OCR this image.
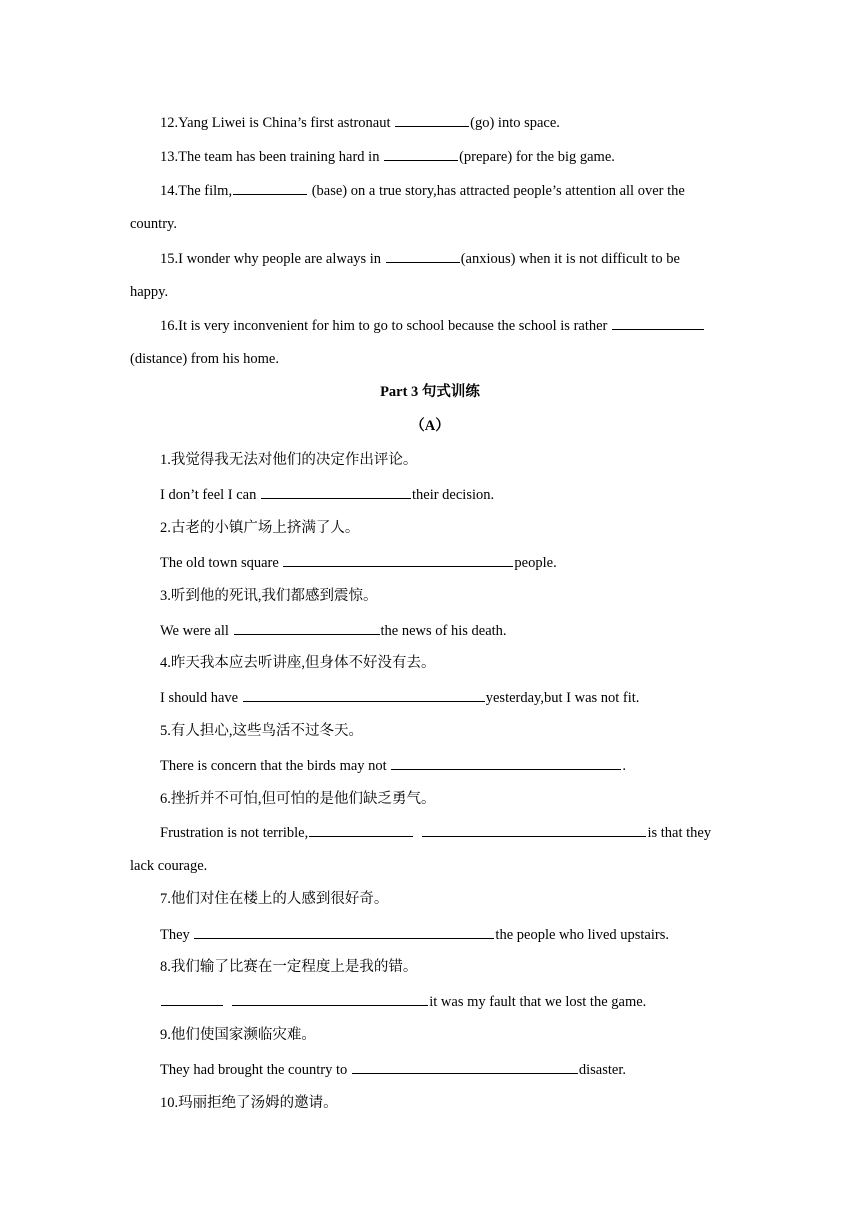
12.Yang Liwei is China’s first astronaut	(go) into space.
13.The team has been training hard in	(prepare) for the big game.
14.The film,	(base) on a true story,has attracted people’s attention all over the
country.
15.I wonder why people are always in	(anxious) when it is not difficult to be
happy.
16.It is very inconvenient for him to go to school because the school is rather
(distance) from his home.
Part 3 句式训练
（A）
1.我觉得我无法对他们的决定作出评论。
I don’t feel I can	their decision.
2.古老的小镇广场上挤满了人。
The old town square	people.
3.听到他的死讯,我们都感到震惊。
We were all	the news of his death.
4.昨天我本应去听讲座,但身体不好没有去。
I should have	yesterday,but I was not fit.
5.有人担心,这些鸟活不过冬天。
There is concern that the birds may not	.
6.挫折并不可怕,但可怕的是他们缺乏勇气。
Frustration is not terrible,	is that they
lack courage.
7.他们对住在楼上的人感到很好奇。
They	the people who lived upstairs.
8.我们输了比赛在一定程度上是我的错。
it was my fault that we lost the game.
9.他们使国家濒临灾难。
They had brought the country to	disaster.
10.玛丽拒绝了汤姆的邀请。
